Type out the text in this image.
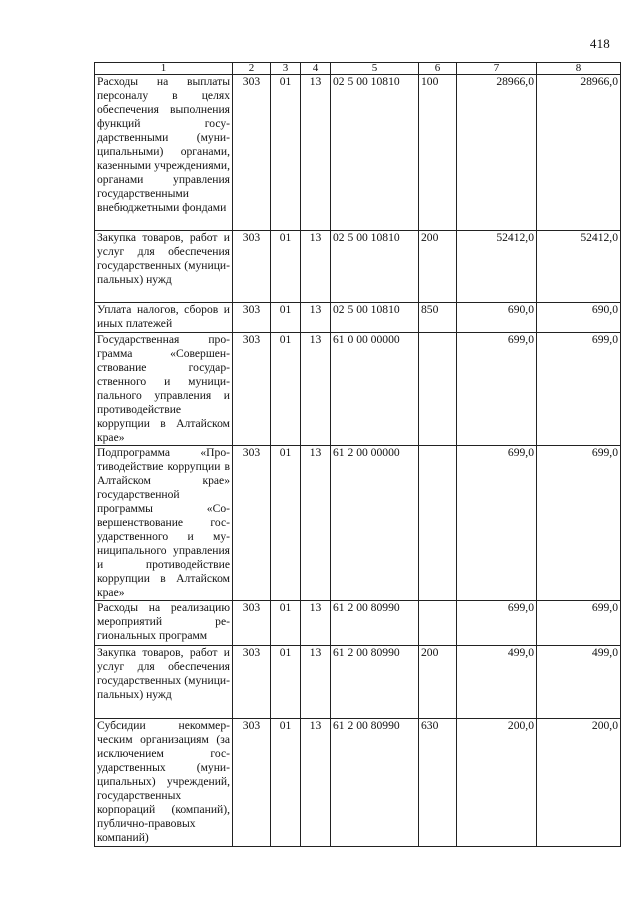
418
1	2	3	4	5	6	7	8
Расходы на выплаты персоналу в целях обеспечения выполнения функций государственными (муниципальными) органами, казенными учреждениями, органами управления государственными внебюджетными фондами	303	01	13	02 5 00 10810	100	28966,0	28966,0
Закупка товаров, работ и услуг для обеспечения государственных (муниципальных) нужд	303	01	13	02 5 00 10810	200	52412,0	52412,0
Уплата налогов, сборов и иных платежей	303	01	13	02 5 00 10810	850	690,0	690,0
Государственная программа «Совершенствование государственного и муниципального управления и противодействие коррупции в Алтайском крае»	303	01	13	61 0 00 00000		699,0	699,0
Подпрограмма «Противодействие коррупции в Алтайском крае» государственной программы «Совершенствование государственного и муниципального управления и противодействие коррупции в Алтайском крае»	303	01	13	61 2 00 00000		699,0	699,0
Расходы на реализацию мероприятий региональных программ	303	01	13	61 2 00 80990		699,0	699,0
Закупка товаров, работ и услуг для обеспечения государственных (муниципальных) нужд	303	01	13	61 2 00 80990	200	499,0	499,0
Субсидии некоммерческим организациям (за исключением государственных (муниципальных) учреждений, государственных корпораций (компаний), публично-правовых компаний)	303	01	13	61 2 00 80990	630	200,0	200,0
